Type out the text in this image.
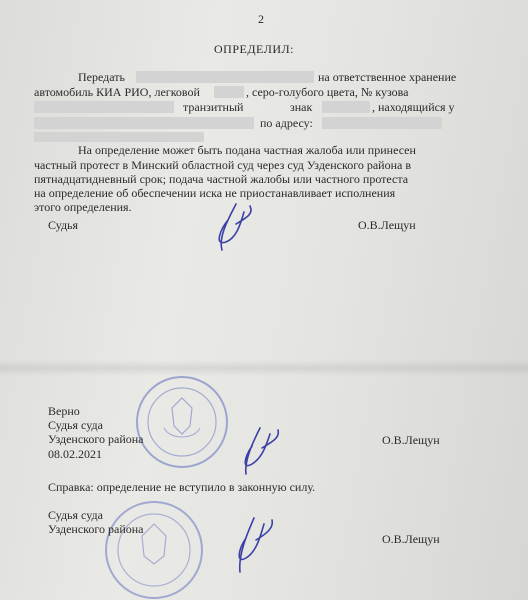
2
ОПРЕДЕЛИЛ:
Передать	на ответственное хранение
автомобиль КИА РИО, легковой	, серо-голубого цвета, № кузова
транзитный	знак	, находящийся у
по адресу:
На определение может быть подана частная жалоба или принесен
частный протест в Минский областной суд через суд Узденского района в
пятнадцатидневный срок; подача частной жалобы или частного протеста
на определение об обеспечении иска не приостанавливает исполнения
этого определения.
Судья	О.В.Лещун
Верно
Судья суда
Узденского района
08.02.2021
О.В.Лещун
Справка: определение не вступило в законную силу.
Судья суда
Узденского района
О.В.Лещун
